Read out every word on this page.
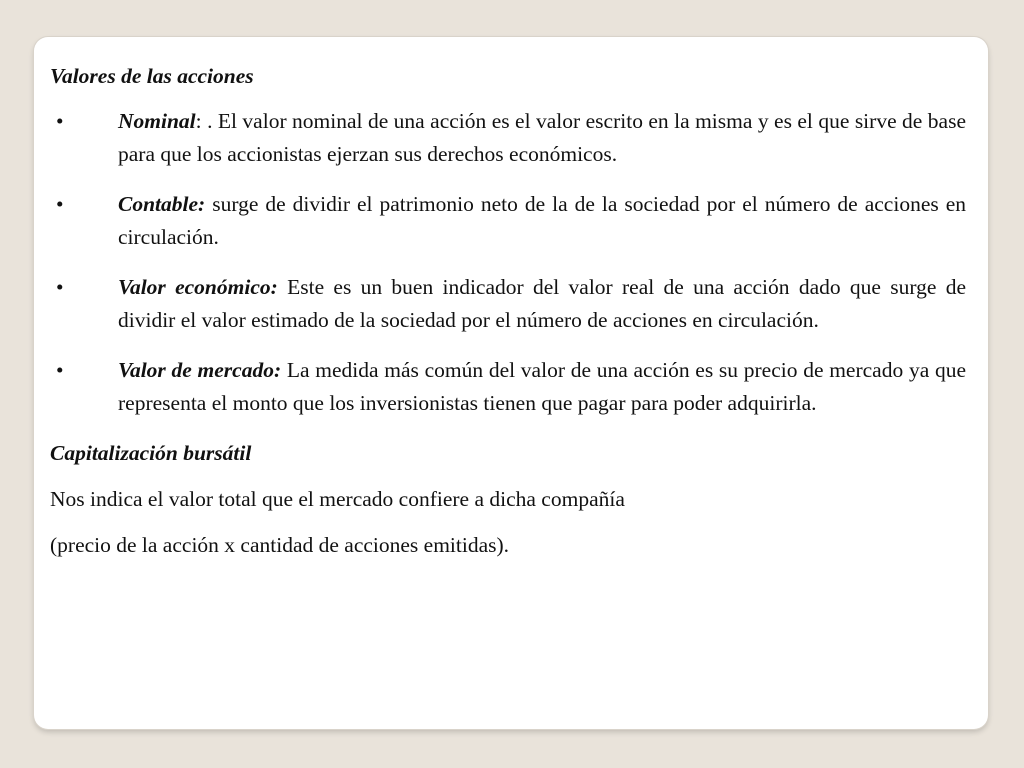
Valores de las acciones
•	Nominal: . El valor nominal de una acción es el valor escrito en la misma y es el que sirve de base para que los accionistas ejerzan sus derechos económicos.
•	Contable: surge de dividir el patrimonio neto de la de la sociedad por el número de acciones en circulación.
•	Valor económico: Este es un buen indicador del valor real de una acción dado que surge de dividir el valor estimado de la sociedad por el número de acciones en circulación.
•	Valor de mercado: La medida más común del valor de una acción es su precio de mercado ya que representa el monto que los inversionistas tienen que pagar para poder adquirirla.
Capitalización bursátil

Nos indica el valor total que el mercado confiere a dicha compañía

(precio de la acción x cantidad de acciones emitidas).
